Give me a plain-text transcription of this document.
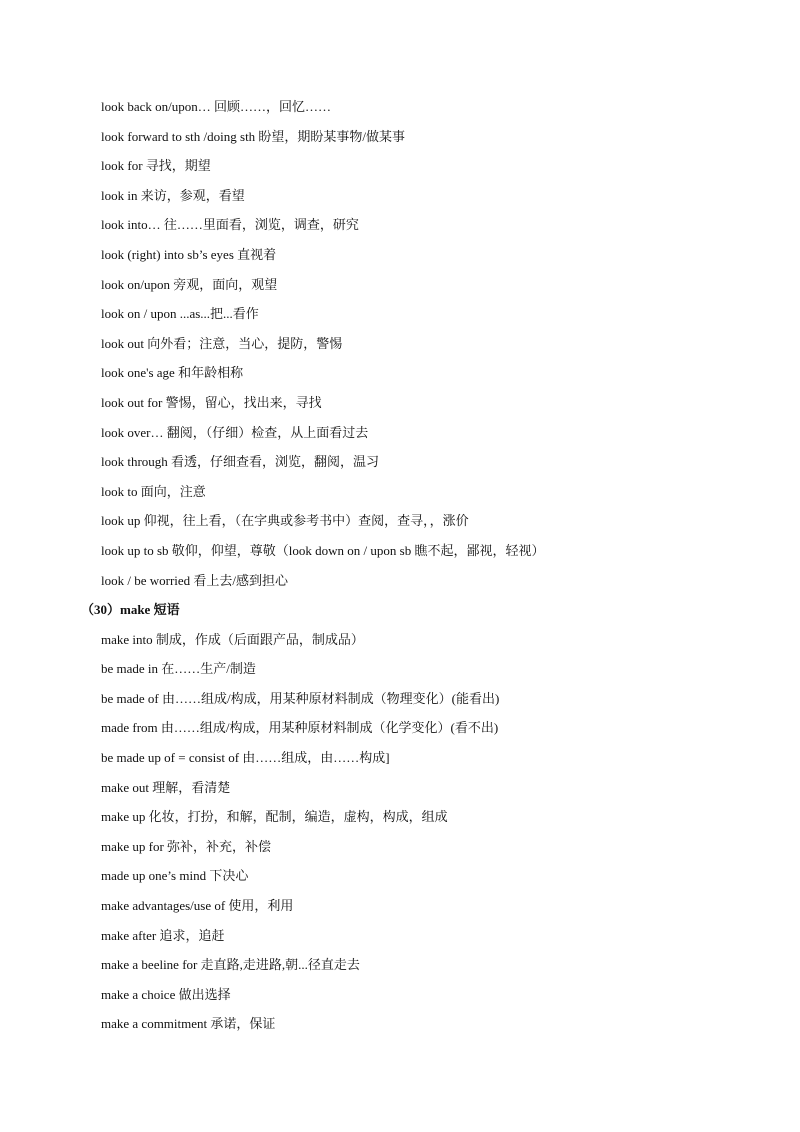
look back on/upon… 回顾……，回忆……
look forward to sth /doing sth 盼望，期盼某事物/做某事
look for 寻找，期望
look in 来访，参观，看望
look into… 往……里面看，浏览，调查，研究
look (right) into sb’s eyes 直视着
look on/upon 旁观，面向，观望
look on / upon ...as...把...看作
look out 向外看；注意，当心，提防，警惕
look one's age 和年龄相称
look out for 警惕，留心，找出来，寻找
look over… 翻阅，（仔细）检查，从上面看过去
look through 看透，仔细查看，浏览，翻阅，温习
look to 面向，注意
look up 仰视，往上看，（在字典或参考书中）查阅，查寻，，涨价
look up to sb 敬仰，仰望，尊敬（look down on / upon sb 瞧不起，鄙视，轻视）
look / be worried 看上去/感到担心
（30）make 短语
make into 制成，作成（后面跟产品，制成品）
be made in 在……生产/制造
be made of 由……组成/构成，用某种原材料制成（物理变化）(能看出)
made from 由……组成/构成，用某种原材料制成（化学变化）(看不出)
be made up of = consist of 由……组成，由……构成]
make out 理解，看清楚
make up 化妆，打扮，和解，配制，编造，虚构，构成，组成
make up for 弥补，补充，补偿
made up one’s mind 下决心
make advantages/use of 使用，利用
make after 追求，追赶
make a beeline for 走直路,走进路,朝...径直走去
make a choice 做出选择
make a commitment 承诺，保证
